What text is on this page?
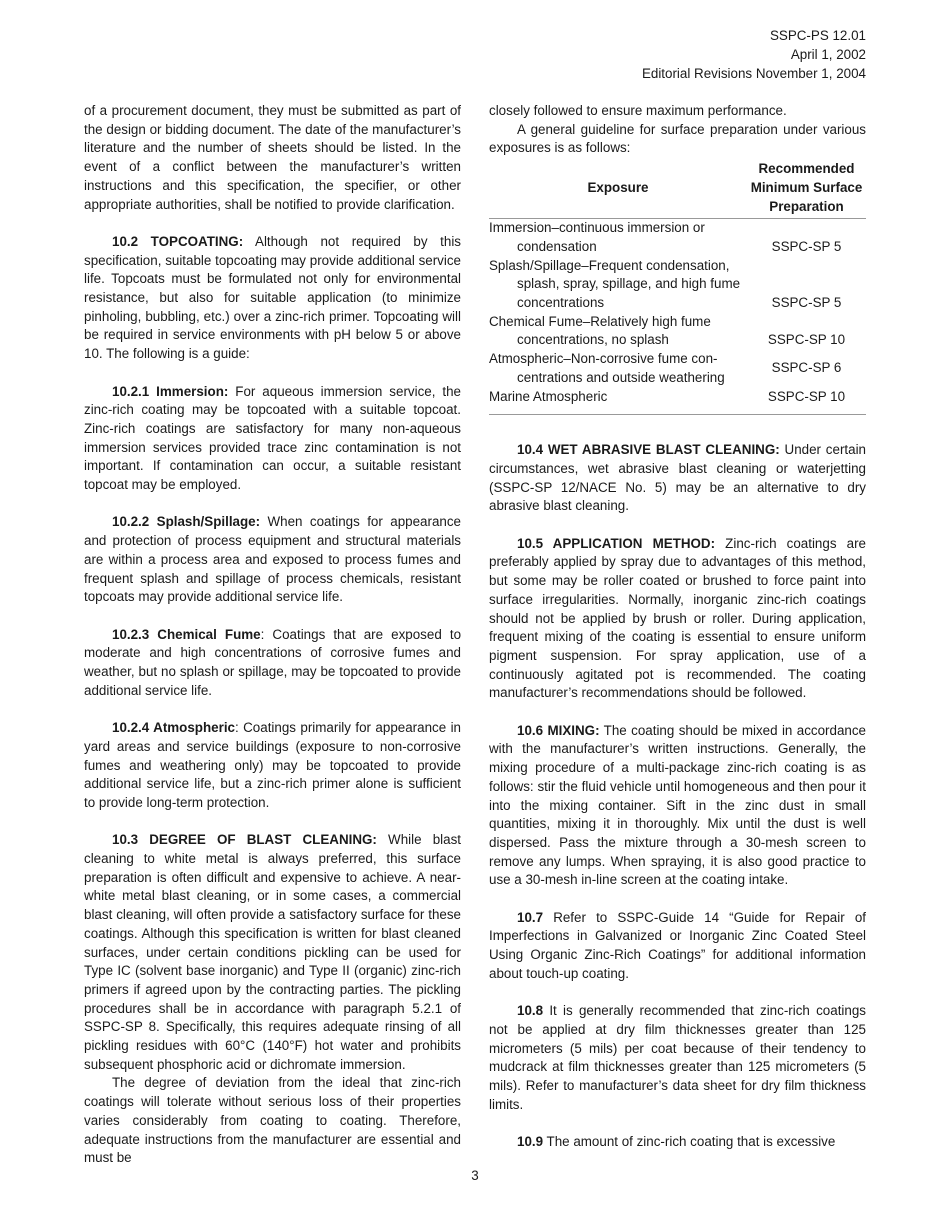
SSPC-PS 12.01
April 1, 2002
Editorial Revisions November 1, 2004

of a procurement document, they must be submitted as part of the design or bidding document. The date of the manufacturer’s literature and the number of sheets should be listed. In the event of a conflict between the manufacturer’s written instructions and this specification, the specifier, or other appropriate authorities, shall be notified to provide clarification.

10.2 TOPCOATING: Although not required by this specification, suitable topcoating may provide additional service life. Topcoats must be formulated not only for environmental resistance, but also for suitable application (to minimize pinholing, bubbling, etc.) over a zinc-rich primer. Topcoating will be required in service environments with pH below 5 or above 10. The following is a guide:

10.2.1 Immersion: For aqueous immersion service, the zinc-rich coating may be topcoated with a suitable topcoat. Zinc-rich coatings are satisfactory for many non-aqueous immersion services provided trace zinc contamination is not important. If contamination can occur, a suitable resistant topcoat may be employed.

10.2.2 Splash/Spillage: When coatings for appearance and protection of process equipment and structural materials are within a process area and exposed to process fumes and frequent splash and spillage of process chemicals, resistant topcoats may provide additional service life.

10.2.3 Chemical Fume: Coatings that are exposed to moderate and high concentrations of corrosive fumes and weather, but no splash or spillage, may be topcoated to provide additional service life.

10.2.4 Atmospheric: Coatings primarily for appearance in yard areas and service buildings (exposure to non-corrosive fumes and weathering only) may be topcoated to provide additional service life, but a zinc-rich primer alone is sufficient to provide long-term protection.

10.3 DEGREE OF BLAST CLEANING: While blast cleaning to white metal is always preferred, this surface preparation is often difficult and expensive to achieve. A near-white metal blast cleaning, or in some cases, a commercial blast cleaning, will often provide a satisfactory surface for these coatings. Although this specification is written for blast cleaned surfaces, under certain conditions pickling can be used for Type IC (solvent base inorganic) and Type II (organic) zinc-rich primers if agreed upon by the contracting parties. The pickling procedures shall be in accordance with paragraph 5.2.1 of SSPC-SP 8. Specifically, this requires adequate rinsing of all pickling residues with 60°C (140°F) hot water and prohibits subsequent phosphoric acid or dichromate immersion.

The degree of deviation from the ideal that zinc-rich coatings will tolerate without serious loss of their properties varies considerably from coating to coating. Therefore, adequate instructions from the manufacturer are essential and must be

closely followed to ensure maximum performance.

A general guideline for surface preparation under various exposures is as follows:

Exposure	Recommended Minimum Surface Preparation

Immersion–continuous immersion or
condensation	SSPC-SP 5

Splash/Spillage–Frequent condensation,
splash, spray, spillage, and high fume concentrations	SSPC-SP 5

Chemical Fume–Relatively high fume
concentrations, no splash	SSPC-SP 10

Atmospheric–Non-corrosive fume con-
centrations and outside weathering	SSPC-SP 6

Marine Atmospheric	SSPC-SP 10

10.4 WET ABRASIVE BLAST CLEANING: Under certain circumstances, wet abrasive blast cleaning or waterjetting (SSPC-SP 12/NACE No. 5) may be an alternative to dry abrasive blast cleaning.

10.5 APPLICATION METHOD: Zinc-rich coatings are preferably applied by spray due to advantages of this method, but some may be roller coated or brushed to force paint into surface irregularities. Normally, inorganic zinc-rich coatings should not be applied by brush or roller. During application, frequent mixing of the coating is essential to ensure uniform pigment suspension. For spray application, use of a continuously agitated pot is recommended. The coating manufacturer’s recommendations should be followed.

10.6 MIXING: The coating should be mixed in accordance with the manufacturer’s written instructions. Generally, the mixing procedure of a multi-package zinc-rich coating is as follows: stir the fluid vehicle until homogeneous and then pour it into the mixing container. Sift in the zinc dust in small quantities, mixing it in thoroughly. Mix until the dust is well dispersed. Pass the mixture through a 30-mesh screen to remove any lumps. When spraying, it is also good practice to use a 30-mesh in-line screen at the coating intake.

10.7 Refer to SSPC-Guide 14 “Guide for Repair of Imperfections in Galvanized or Inorganic Zinc Coated Steel Using Organic Zinc-Rich Coatings” for additional information about touch-up coating.

10.8 It is generally recommended that zinc-rich coatings not be applied at dry film thicknesses greater than 125 micrometers (5 mils) per coat because of their tendency to mudcrack at film thicknesses greater than 125 micrometers (5 mils). Refer to manufacturer’s data sheet for dry film thickness limits.

10.9 The amount of zinc-rich coating that is excessive

3
